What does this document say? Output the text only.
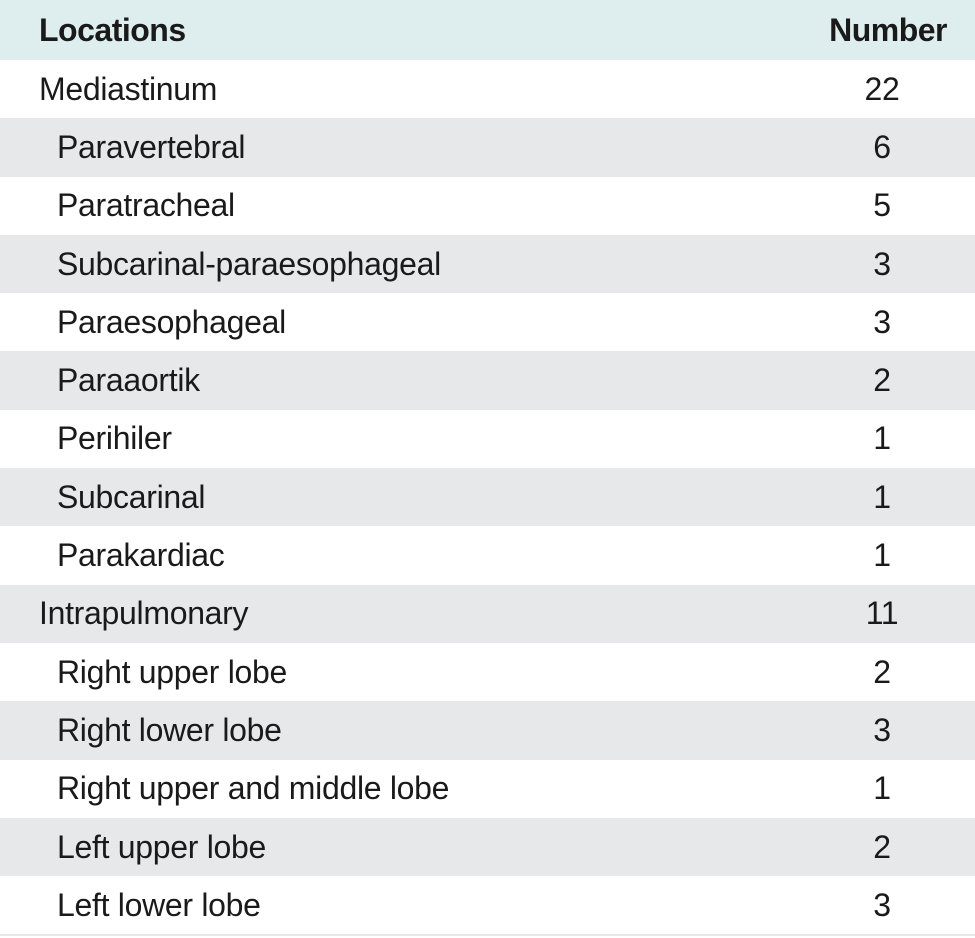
Locations	Number
Mediastinum	22
Paravertebral	6
Paratracheal	5
Subcarinal-paraesophageal	3
Paraesophageal	3
Paraaortik	2
Perihiler	1
Subcarinal	1
Parakardiac	1
Intrapulmonary	11
Right upper lobe	2
Right lower lobe	3
Right upper and middle lobe	1
Left upper lobe	2
Left lower lobe	3
